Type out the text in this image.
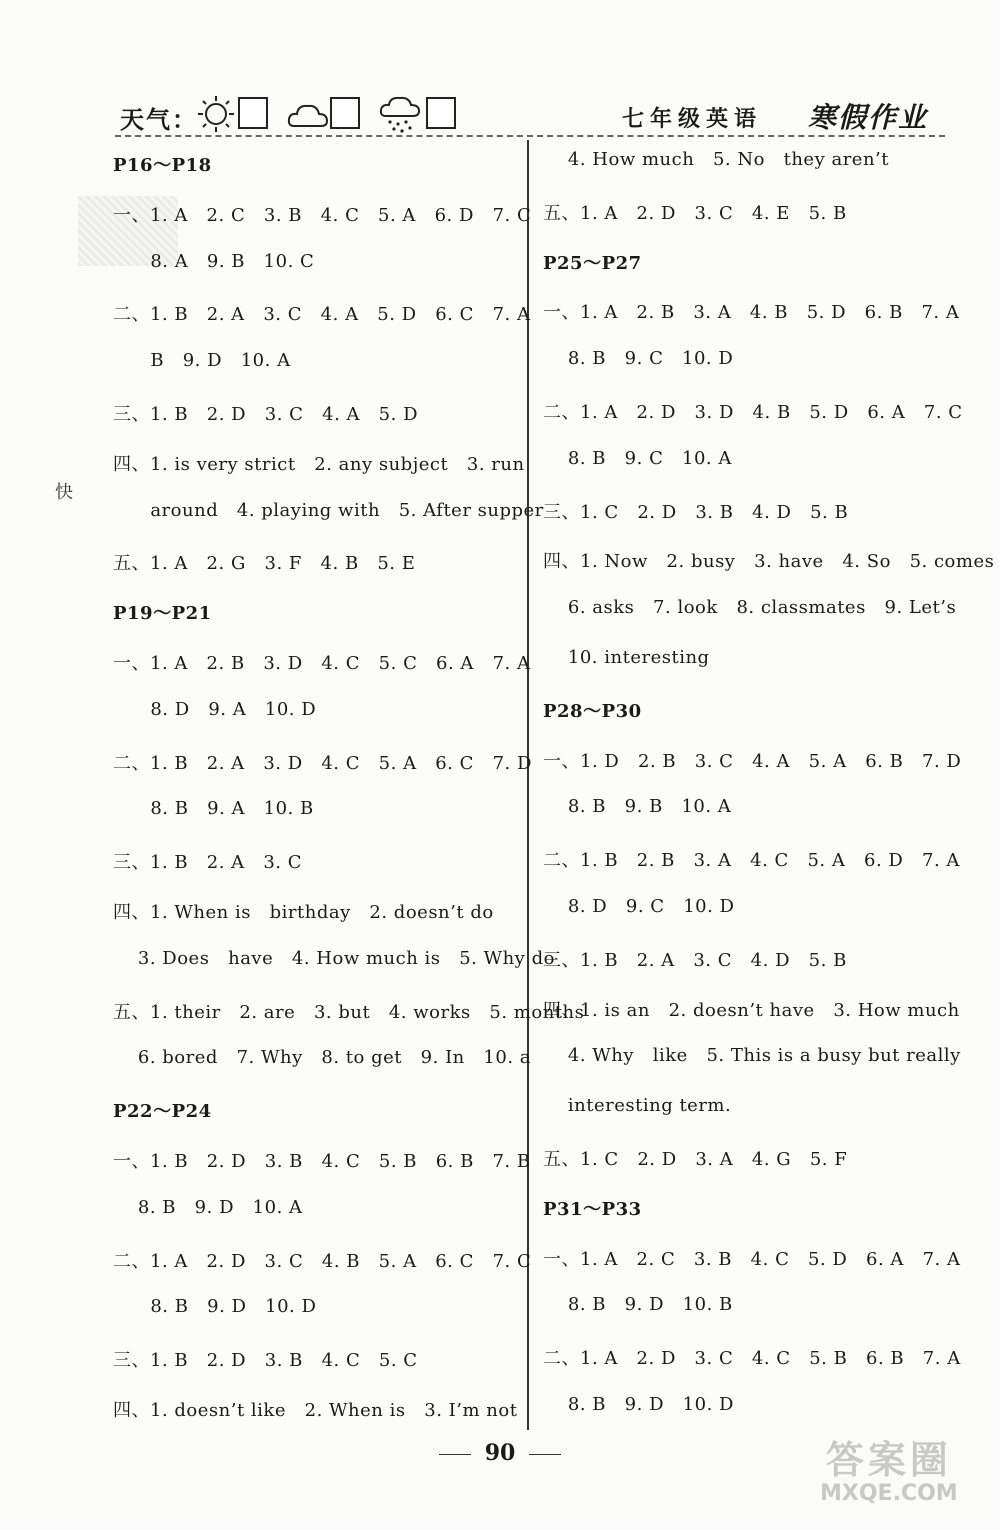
天气：	七年级英语 寒假作业
快
P16～P18
一、1. A   2. C   3. B   4. C   5. A   6. D   7. C
8. A   9. B   10. C
二、1. B   2. A   3. C   4. A   5. D   6. C   7. A
B   9. D   10. A
三、1. B   2. D   3. C   4. A   5. D
四、1. is very strict   2. any subject   3. run
around   4. playing with   5. After supper
五、1. A   2. G   3. F   4. B   5. E
P19～P21
一、1. A   2. B   3. D   4. C   5. C   6. A   7. A
8. D   9. A   10. D
二、1. B   2. A   3. D   4. C   5. A   6. C   7. D
8. B   9. A   10. B
三、1. B   2. A   3. C
四、1. When is   birthday   2. doesn’t do
3. Does   have   4. How much is   5. Why do
五、1. their   2. are   3. but   4. works   5. months
6. bored   7. Why   8. to get   9. In   10. a
P22～P24
一、1. B   2. D   3. B   4. C   5. B   6. B   7. B
8. B   9. D   10. A
二、1. A   2. D   3. C   4. B   5. A   6. C   7. C
8. B   9. D   10. D
三、1. B   2. D   3. B   4. C   5. C
四、1. doesn’t like   2. When is   3. I’m not
4. How much   5. No   they aren’t
五、1. A   2. D   3. C   4. E   5. B
P25～P27
一、1. A   2. B   3. A   4. B   5. D   6. B   7. A
8. B   9. C   10. D
二、1. A   2. D   3. D   4. B   5. D   6. A   7. C
8. B   9. C   10. A
三、1. C   2. D   3. B   4. D   5. B
四、1. Now   2. busy   3. have   4. So   5. comes
6. asks   7. look   8. classmates   9. Let’s
10. interesting
P28～P30
一、1. D   2. B   3. C   4. A   5. A   6. B   7. D
8. B   9. B   10. A
二、1. B   2. B   3. A   4. C   5. A   6. D   7. A
8. D   9. C   10. D
三、1. B   2. A   3. C   4. D   5. B
四、1. is an   2. doesn’t have   3. How much
4. Why   like   5. This is a busy but really
interesting term.
五、1. C   2. D   3. A   4. G   5. F
P31～P33
一、1. A   2. C   3. B   4. C   5. D   6. A   7. A
8. B   9. D   10. B
二、1. A   2. D   3. C   4. C   5. B   6. B   7. A
8. B   9. D   10. D
90	答案圈
MXQE.COM
